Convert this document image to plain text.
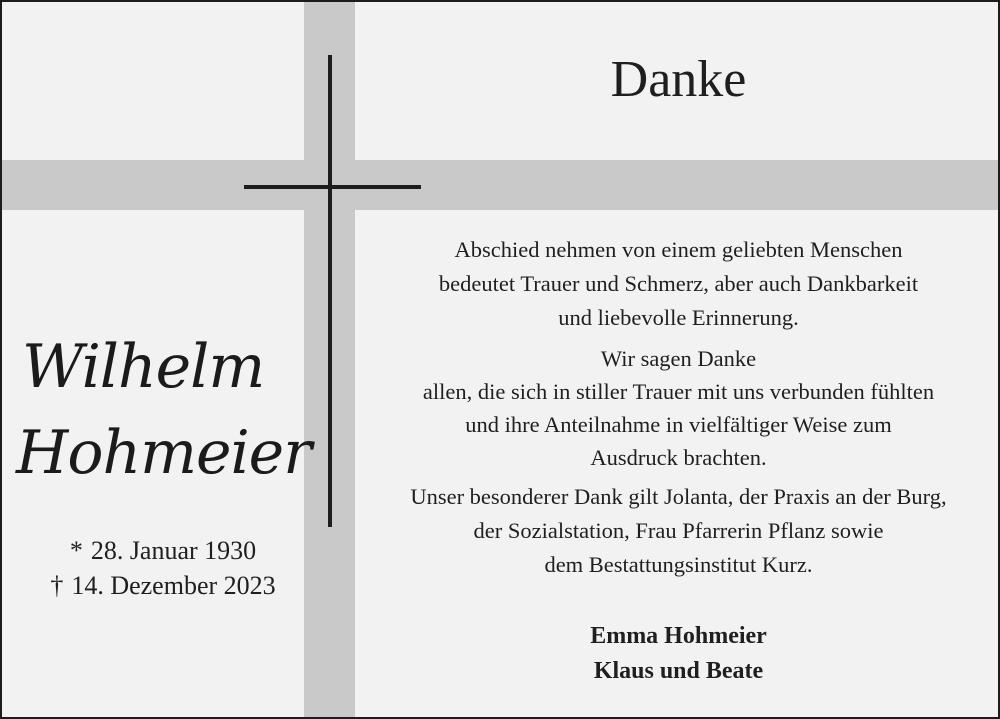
Danke
Wilhelm
Hohmeier
* 28. Januar 1930
† 14. Dezember 2023

Abschied nehmen von einem geliebten Menschen
bedeutet Trauer und Schmerz, aber auch Dankbarkeit
und liebevolle Erinnerung.

Wir sagen Danke
allen, die sich in stiller Trauer mit uns verbunden fühlten
und ihre Anteilnahme in vielfältiger Weise zum
Ausdruck brachten.

Unser besonderer Dank gilt Jolanta, der Praxis an der Burg,
der Sozialstation, Frau Pfarrerin Pflanz sowie
dem Bestattungsinstitut Kurz.

Emma Hohmeier
Klaus und Beate
